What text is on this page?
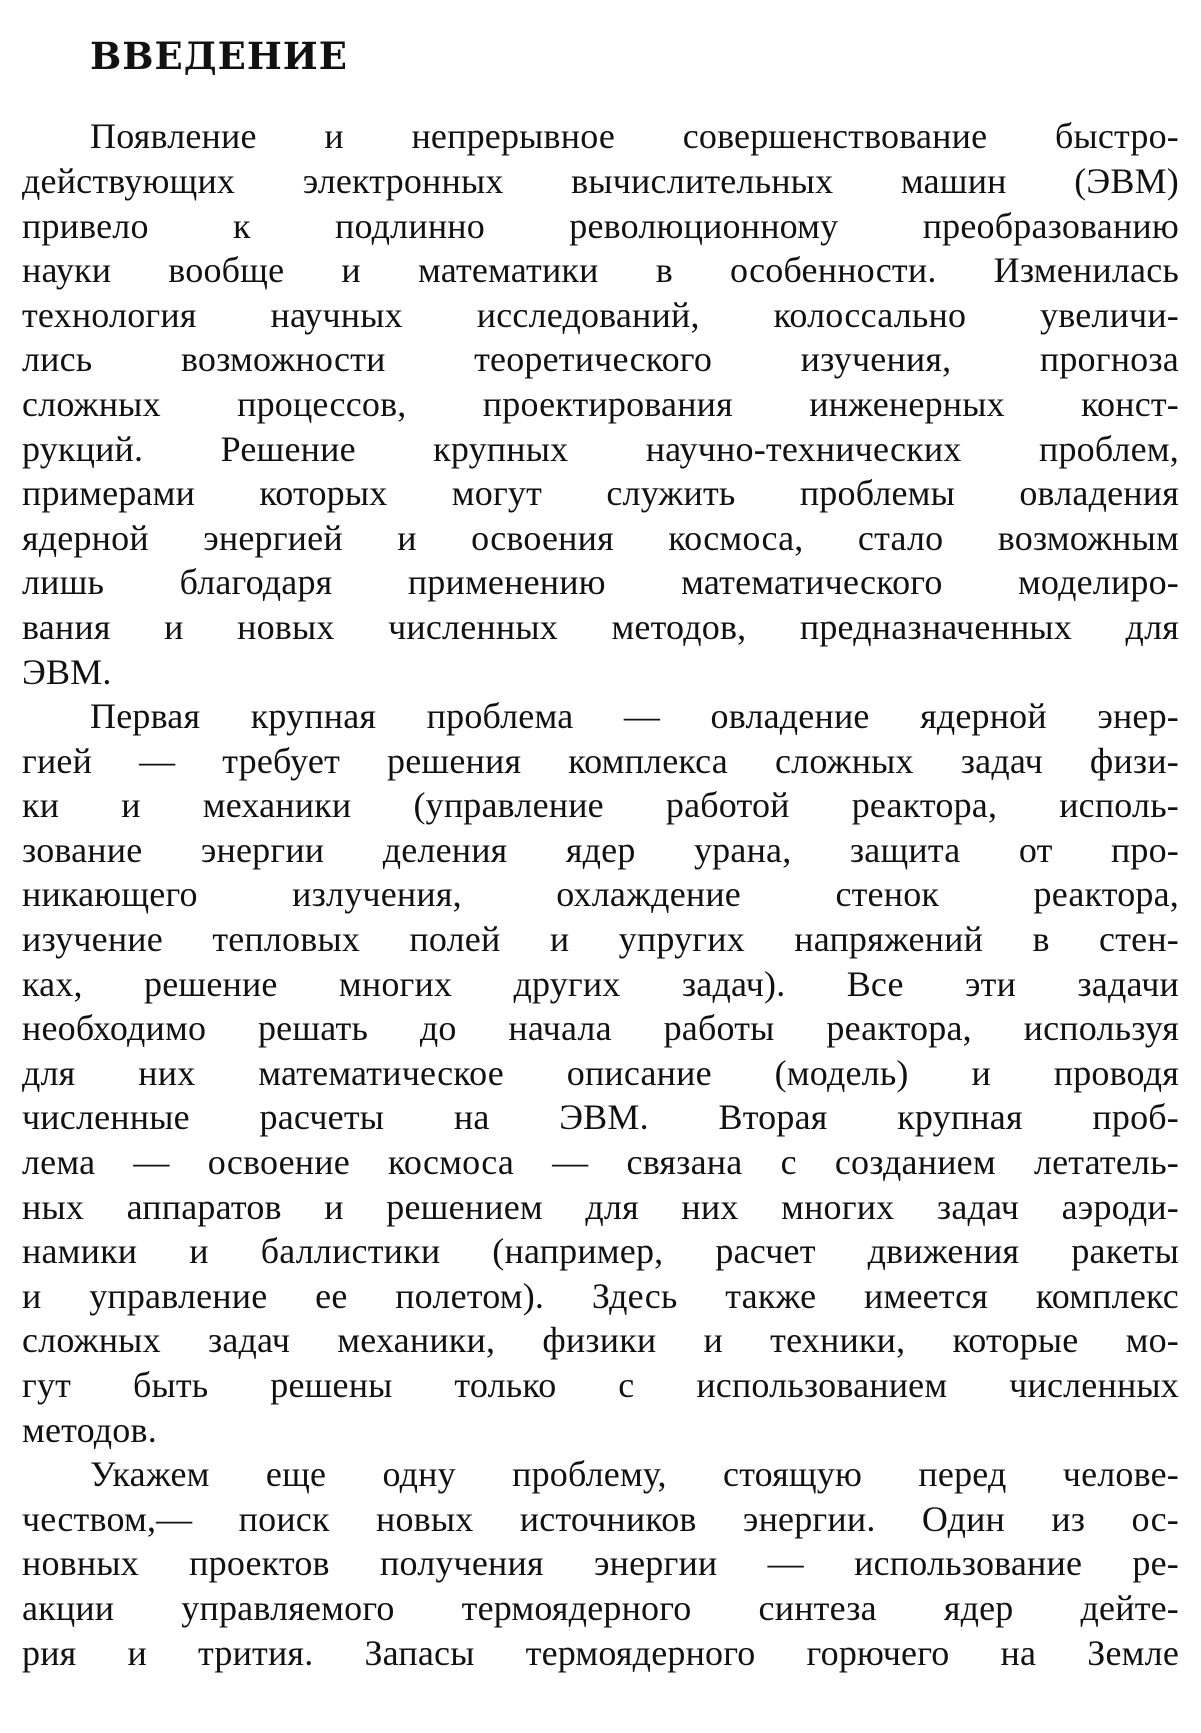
ВВЕДЕНИЕ
Появление и непрерывное совершенствование быстро-
действующих электронных вычислительных машин (ЭВМ)
привело к подлинно революционному преобразованию
науки вообще и математики в особенности. Изменилась
технология научных исследований, колоссально увеличи-
лись возможности теоретического изучения, прогноза
сложных процессов, проектирования инженерных конст-
рукций. Решение крупных научно-технических проблем,
примерами которых могут служить проблемы овладения
ядерной энергией и освоения космоса, стало возможным
лишь благодаря применению математического моделиро-
вания и новых численных методов, предназначенных для
ЭВМ.
Первая крупная проблема — овладение ядерной энер-
гией — требует решения комплекса сложных задач физи-
ки и механики (управление работой реактора, исполь-
зование энергии деления ядер урана, защита от про-
никающего излучения, охлаждение стенок реактора,
изучение тепловых полей и упругих напряжений в стен-
ках, решение многих других задач). Все эти задачи
необходимо решать до начала работы реактора, используя
для них математическое описание (модель) и проводя
численные расчеты на ЭВМ. Вторая крупная проб-
лема — освоение космоса — связана с созданием летатель-
ных аппаратов и решением для них многих задач аэроди-
намики и баллистики (например, расчет движения ракеты
и управление ее полетом). Здесь также имеется комплекс
сложных задач механики, физики и техники, которые мо-
гут быть решены только с использованием численных
методов.
Укажем еще одну проблему, стоящую перед челове-
чеством,— поиск новых источников энергии. Один из ос-
новных проектов получения энергии — использование ре-
акции управляемого термоядерного синтеза ядер дейте-
рия и трития. Запасы термоядерного горючего на Земле
